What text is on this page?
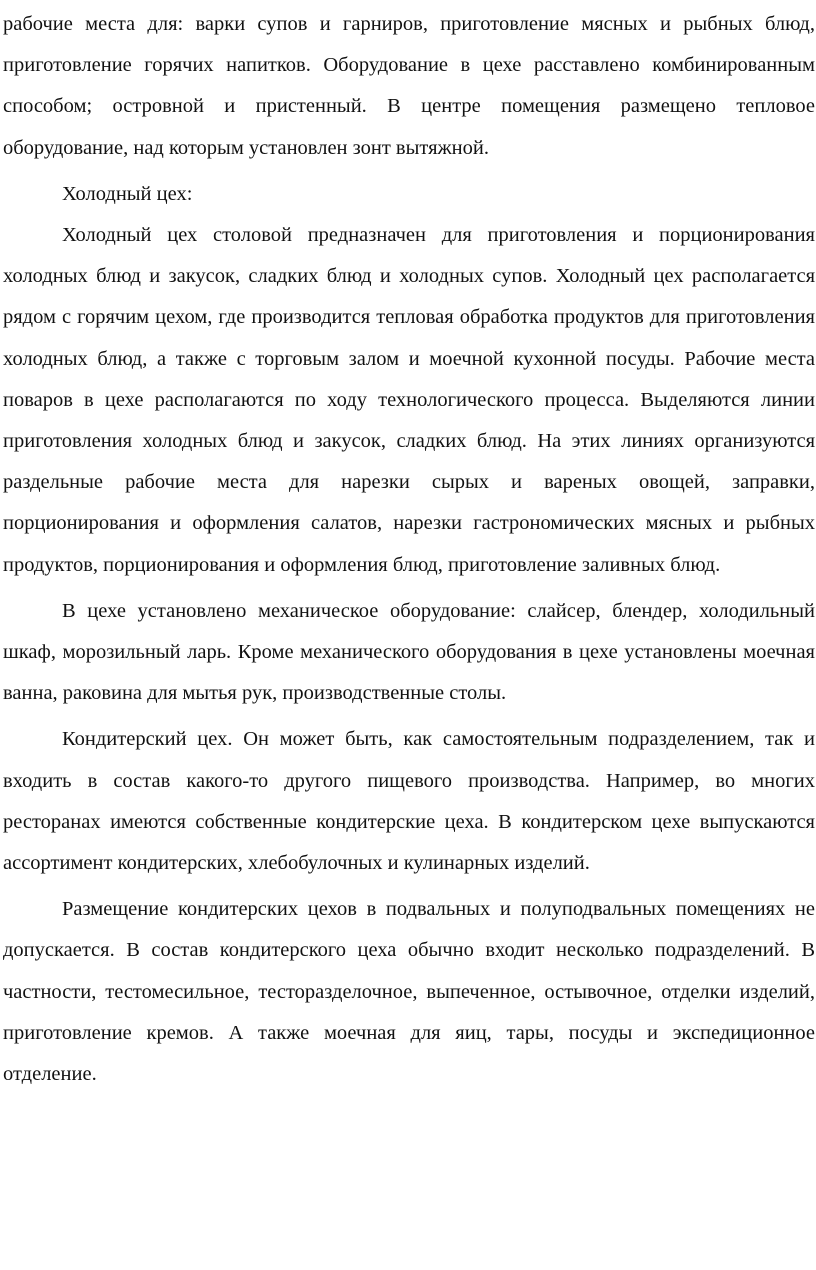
рабочие места для: варки супов и гарниров, приготовление мясных и рыбных блюд, приготовление горячих напитков. Оборудование в цехе расставлено комбинированным способом; островной и пристенный. В центре помещения размещено тепловое оборудование, над которым установлен зонт вытяжной.

Холодный цех:

Холодный цех столовой предназначен для приготовления и порционирования холодных блюд и закусок, сладких блюд и холодных супов. Холодный цех располагается рядом с горячим цехом, где производится тепловая обработка продуктов для приготовления холодных блюд, а также с торговым залом и моечной кухонной посуды. Рабочие места поваров в цехе располагаются по ходу технологического процесса. Выделяются линии приготовления холодных блюд и закусок, сладких блюд. На этих линиях организуются раздельные рабочие места для нарезки сырых и вареных овощей, заправки, порционирования и оформления салатов, нарезки гастрономических мясных и рыбных продуктов, порционирования и оформления блюд, приготовление заливных блюд.

В цехе установлено механическое оборудование: слайсер, блендер, холодильный шкаф, морозильный ларь. Кроме механического оборудования в цехе установлены моечная ванна, раковина для мытья рук, производственные столы.

Кондитерский цех. Он может быть, как самостоятельным подразделением, так и входить в состав какого-то другого пищевого производства. Например, во многих ресторанах имеются собственные кондитерские цеха. В кондитерском цехе выпускаются ассортимент кондитерских, хлебобулочных и кулинарных изделий.

Размещение кондитерских цехов в подвальных и полуподвальных помещениях не допускается. В состав кондитерского цеха обычно входит несколько подразделений. В частности, тестомесильное, тесторазделочное, выпеченное, остывочное, отделки изделий, приготовление кремов. А также моечная для яиц, тары, посуды и экспедиционное отделение.
